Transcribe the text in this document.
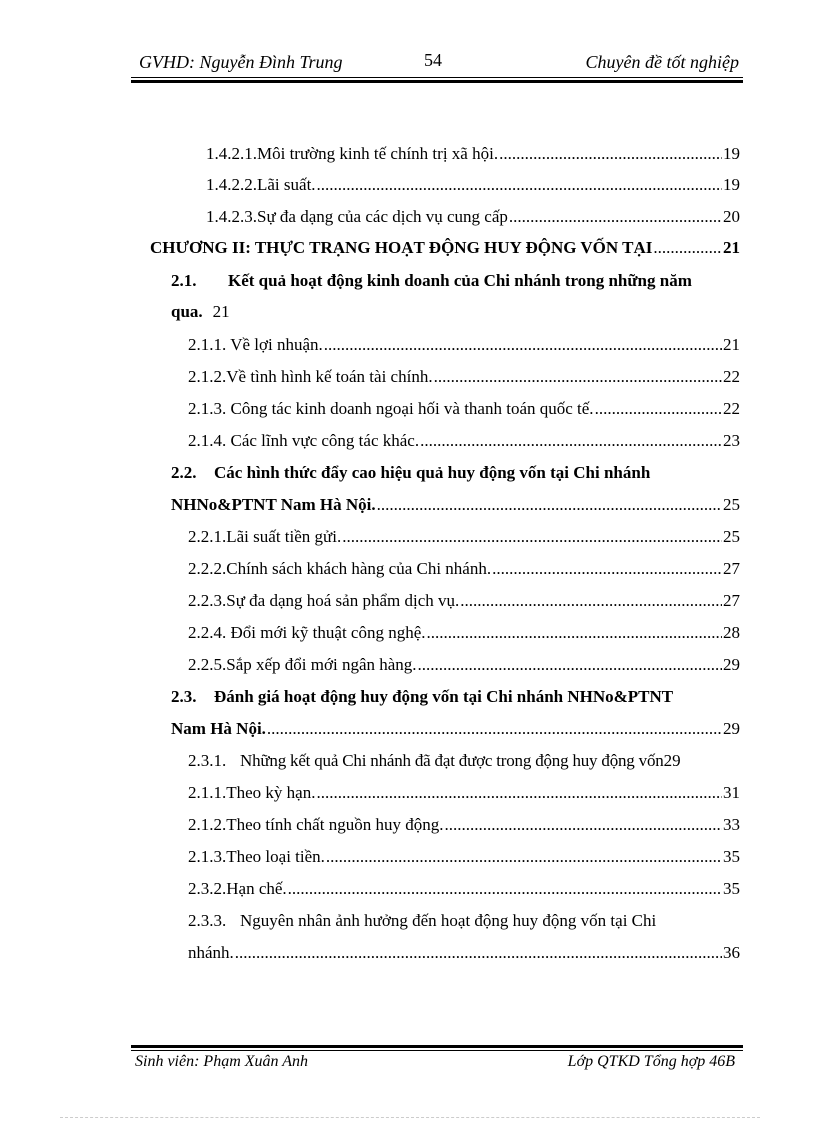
GVHD: Nguyễn Đình Trung	54	Chuyên đề tốt nghiệp
1.4.2.1.Môi trường kinh tế chính trị xã hội. .....	19
1.4.2.2.Lãi suất. .....	19
1.4.2.3.Sự đa dạng của các dịch vụ cung cấp .....	20
CHƯƠNG II: THỰC TRẠNG HOẠT ĐỘNG HUY ĐỘNG VỐN TẠI .....	21
2.1.	Kết quả hoạt động kinh doanh của Chi nhánh trong những năm
qua. 21
2.1.1. Về lợi nhuận. .....	21
2.1.2.Về tình hình kế toán tài chính. .....	22
2.1.3. Công tác kinh doanh ngoại hối và thanh toán quốc tế. .....	22
2.1.4. Các lĩnh vực công tác khác. .....	23
2.2.	Các hình thức đẩy cao hiệu quả huy động vốn tại Chi nhánh
NHNo&PTNT Nam Hà Nội. .....	25
2.2.1. Lãi suất tiền gửi. .....	25
2.2.2. Chính sách khách hàng của Chi nhánh. .....	27
2.2.3. Sự đa dạng hoá sản phẩm dịch vụ. .....	27
2.2.4. Đổi mới kỹ thuật công nghệ. .....	28
2.2.5. Sắp xếp đổi mới ngân hàng. .....	29
2.3.	Đánh giá hoạt động huy động vốn tại Chi nhánh NHNo&PTNT
Nam Hà Nội. .....	29
2.3.1. Những kết quả Chi nhánh đã đạt được trong động huy động vốn 29
2.1.1. Theo kỳ hạn. .....	31
2.1.2. Theo tính chất nguồn huy động. .....	33
2.1.3. Theo loại tiền. .....	35
2.3.2. Hạn chế. .....	35
2.3.3. Nguyên nhân ảnh hưởng đến hoạt động huy động vốn tại Chi
nhánh. .....	36
Sinh viên: Phạm Xuân Anh	Lớp QTKD Tổng hợp 46B
